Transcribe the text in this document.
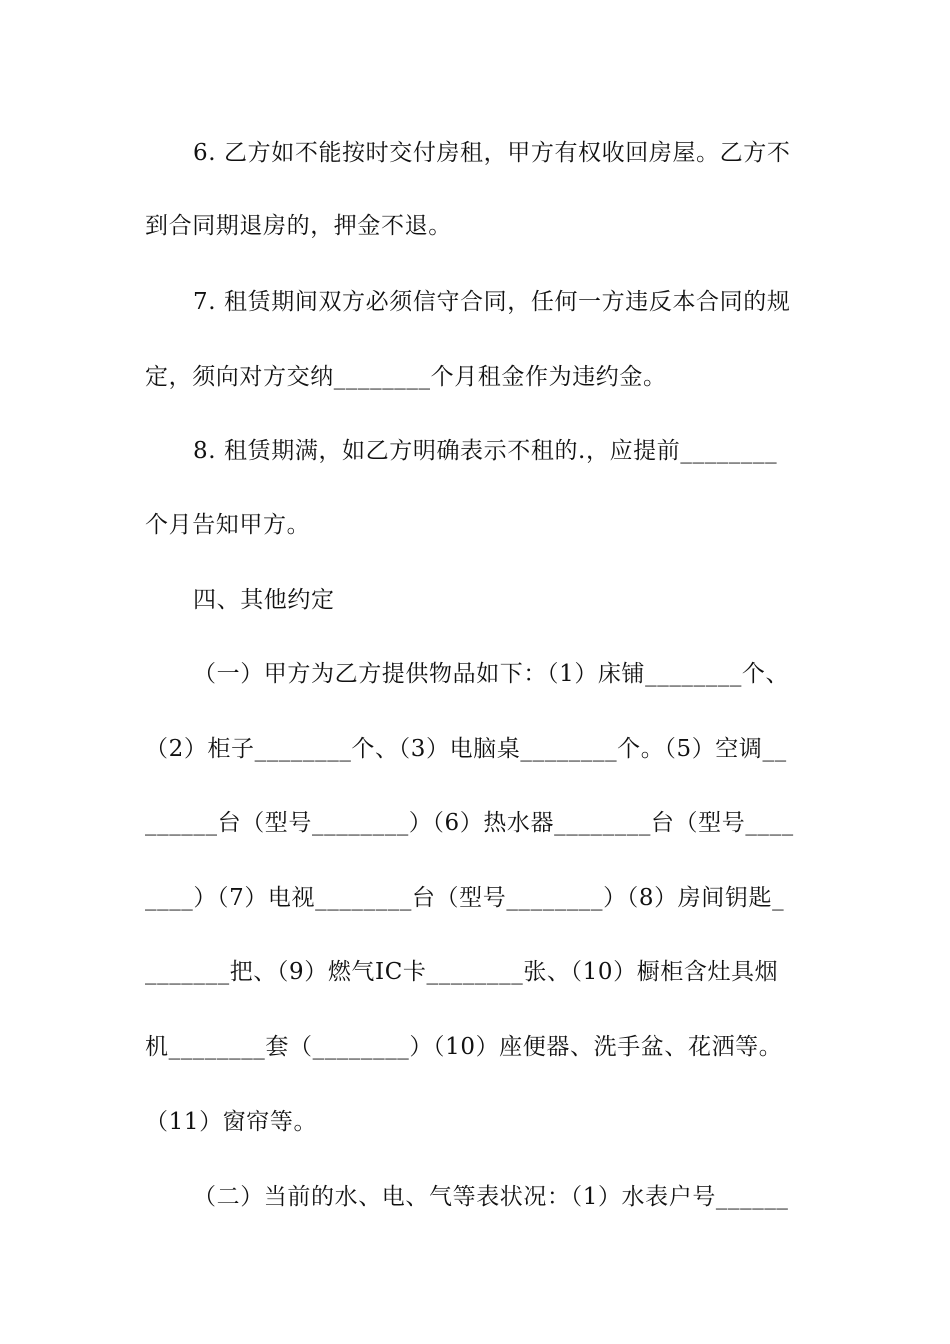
6. 乙方如不能按时交付房租，甲方有权收回房屋。乙方不
到合同期退房的，押金不退。
7. 租赁期间双方必须信守合同，任何一方违反本合同的规
定，须向对方交纳________个月租金作为违约金。
8. 租赁期满，如乙方明确表示不租的.，应提前________
个月告知甲方。
四、其他约定
（一）甲方为乙方提供物品如下：（1）床铺________个、
（2）柜子________个、（3）电脑桌________个。（5）空调__
______台（型号________）（6）热水器________台（型号____
____）（7）电视________台（型号________）（8）房间钥匙_
_______把、（9）燃气IC卡________张、（10）橱柜含灶具烟
机________套（________）（10）座便器、洗手盆、花洒等。
（11）窗帘等。
（二）当前的水、电、气等表状况：（1）水表户号______
